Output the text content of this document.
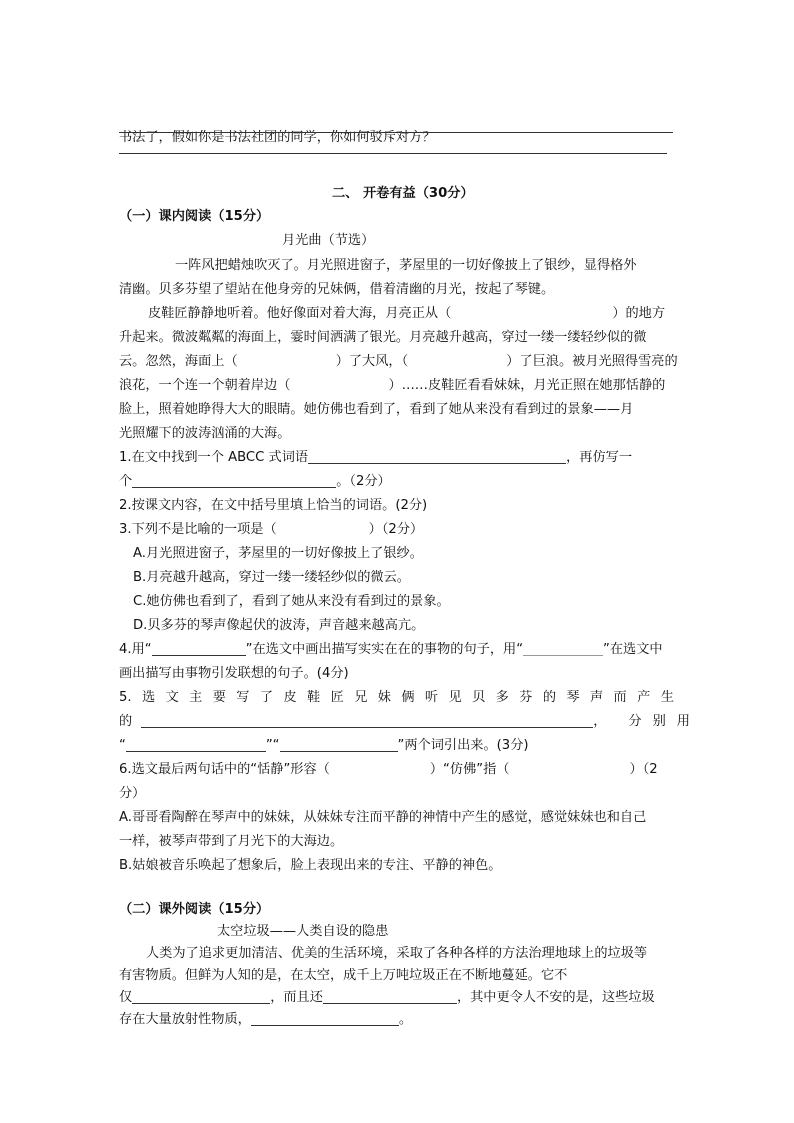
书法了，假如你是书法社团的同学，你如何驳斥对方？
二、 开卷有益（30分）
（一）课内阅读（15分）
月光曲（节选）
一阵风把蜡烛吹灭了。月光照进窗子，茅屋里的一切好像披上了银纱，显得格外
清幽。贝多芬望了望站在他身旁的兄妹俩，借着清幽的月光，按起了琴键。
皮鞋匠静静地听着。他好像面对着大海，月亮正从（	）的地方
升起来。微波粼粼的海面上，霎时间洒满了银光。月亮越升越高，穿过一缕一缕轻纱似的微
云。忽然，海面上（	）了大风，（	）了巨浪。被月光照得雪亮的
浪花，一个连一个朝着岸边（	）……皮鞋匠看看妹妹，月光正照在她那恬静的
脸上，照着她睁得大大的眼睛。她仿佛也看到了，看到了她从来没有看到过的景象——月
光照耀下的波涛汹涌的大海。
1.在文中找到一个 ABCC 式词语	，再仿写一
个	。（2分）
2.按课文内容，在文中括号里填上恰当的词语。(2分)
3.下列不是比喻的一项是（	）（2分）
A.月光照进窗子，茅屋里的一切好像披上了银纱。
B.月亮越升越高，穿过一缕一缕轻纱似的微云。
C.她仿佛也看到了，看到了她从来没有看到过的景象。
D.贝多芬的琴声像起伏的波涛，声音越来越高亢。
4.用“	”在选文中画出描写实实在在的事物的句子，用“	”在选文中
画出描写由事物引发联想的句子。(4分)
5. 选 文 主 要 写 了 皮 鞋 匠 兄 妹 俩 听 见 贝 多 芬 的 琴 声 而 产 生
的	， 分 别 用
“	”“	”两个词引出来。(3分)
6.选文最后两句话中的“恬静”形容（	）“仿佛”指（	）（2
分）
A.哥哥看陶醉在琴声中的妹妹，从妹妹专注而平静的神情中产生的感觉，感觉妹妹也和自己
一样，被琴声带到了月光下的大海边。
B.姑娘被音乐唤起了想象后，脸上表现出来的专注、平静的神色。
（二）课外阅读（15分）
太空垃圾——人类自设的隐患
人类为了追求更加清洁、优美的生活环境，采取了各种各样的方法治理地球上的垃圾等
有害物质。但鲜为人知的是，在太空，成千上万吨垃圾正在不断地蔓延。它不
仅	，而且还	，其中更令人不安的是，这些垃圾
存在大量放射性物质，	。
